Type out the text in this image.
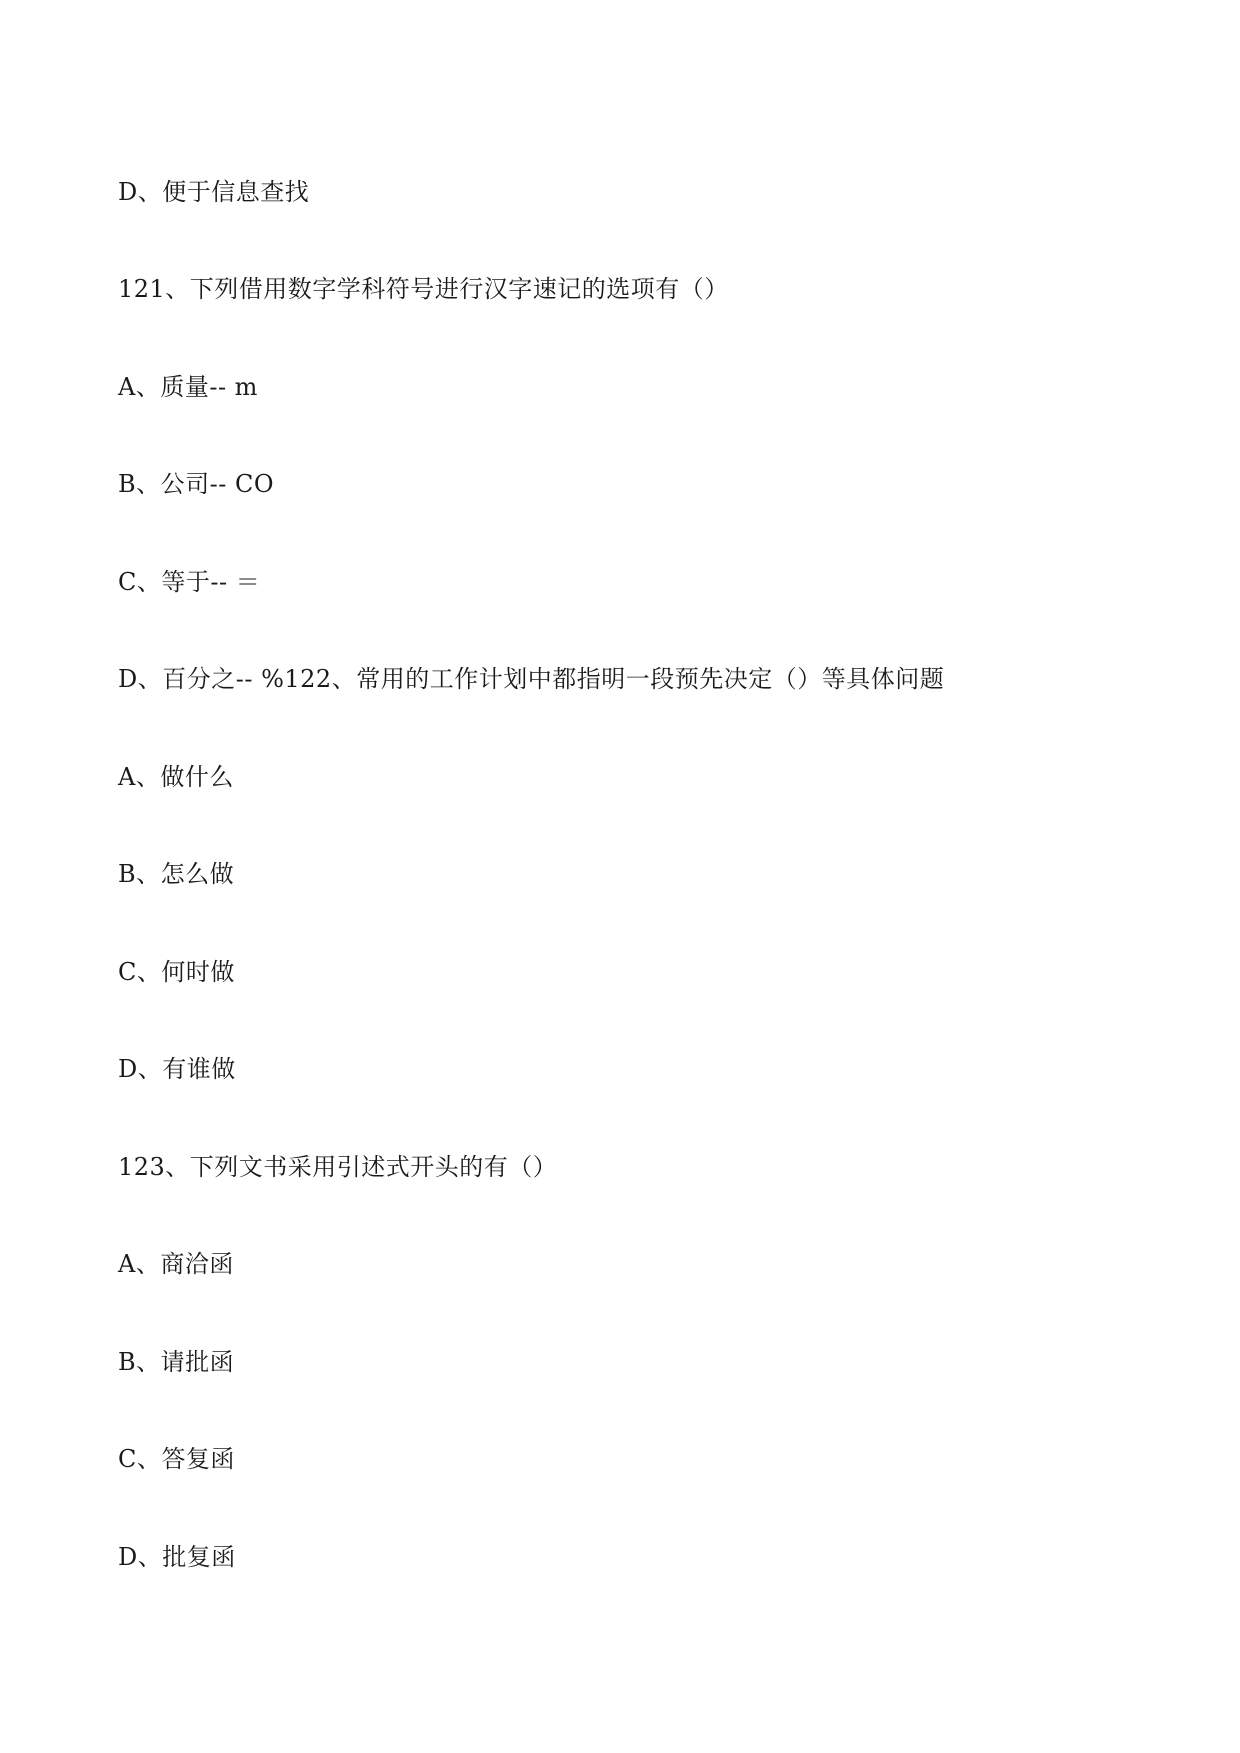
D、便于信息查找

121、下列借用数字学科符号进行汉字速记的选项有（）

A、质量-- m

B、公司-- CO

C、等于-- ＝

D、百分之-- %122、常用的工作计划中都指明一段预先决定（）等具体问题

A、做什么

B、怎么做

C、何时做

D、有谁做

123、下列文书采用引述式开头的有（）

A、商洽函

B、请批函

C、答复函

D、批复函
